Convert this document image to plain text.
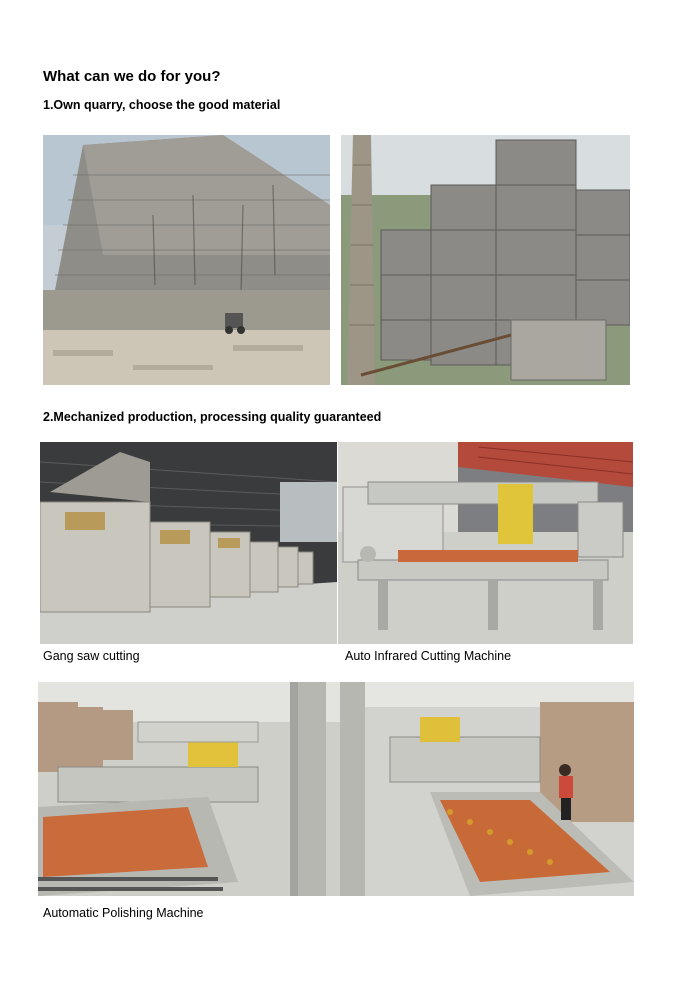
What can we do for you?
1.Own quarry, choose the good material
2.Mechanized production, processing quality guaranteed
Gang saw cutting	Auto Infrared Cutting Machine
Automatic Polishing Machine
